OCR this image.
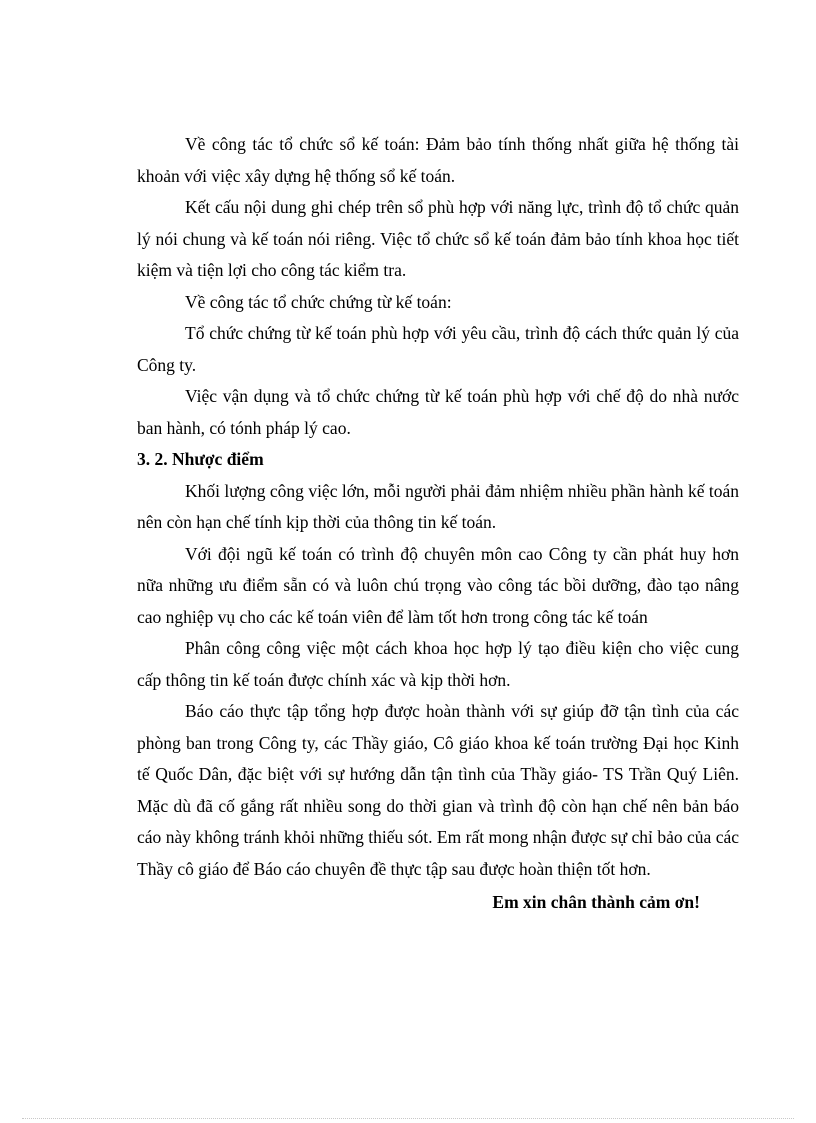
Về công tác tổ chức sổ kế toán: Đảm bảo tính thống nhất giữa hệ thống tài khoản với việc xây dựng hệ thống sổ kế toán.

Kết cấu nội dung ghi chép trên sổ phù hợp với năng lực, trình độ tổ chức quản lý nói chung và kế toán nói riêng. Việc tổ chức sổ kế toán đảm bảo tính khoa học tiết kiệm và tiện lợi cho công tác kiểm tra.

Về công tác tổ chức chứng từ kế toán:

Tổ chức chứng từ kế toán phù hợp với yêu cầu, trình độ cách thức quản lý của Công ty.

Việc vận dụng và tổ chức chứng từ kế toán phù hợp với chế độ do nhà nước ban hành, có tónh pháp lý cao.

3. 2. Nhược điểm

Khối lượng công việc lớn, mỗi người phải đảm nhiệm nhiều phần hành kế toán nên còn hạn chế tính kịp thời của thông tin kế toán.

Với đội ngũ kế toán có trình độ chuyên môn cao Công ty cần phát huy hơn nữa những ưu điểm sẵn có và luôn chú trọng vào công tác bồi dưỡng, đào tạo nâng cao nghiệp vụ cho các kế toán viên để làm tốt hơn trong công tác kế toán

Phân công công việc một cách khoa học hợp lý tạo điều kiện cho việc cung cấp thông tin kế toán được chính xác và kịp thời hơn.

Báo cáo thực tập tổng hợp được hoàn thành với sự giúp đỡ tận tình của các phòng ban trong Công ty, các Thầy giáo, Cô giáo khoa kế toán trường Đại học Kinh tế Quốc Dân, đặc biệt với sự hướng dẫn tận tình của Thầy giáo- TS Trần Quý Liên. Mặc dù đã cố gắng rất nhiều song do thời gian và trình độ còn hạn chế nên bản báo cáo này không tránh khỏi những thiếu sót. Em rất mong nhận được sự chỉ bảo của các Thầy cô giáo để Báo cáo chuyên đề thực tập sau được hoàn thiện tốt hơn.

Em xin chân thành cảm ơn!
